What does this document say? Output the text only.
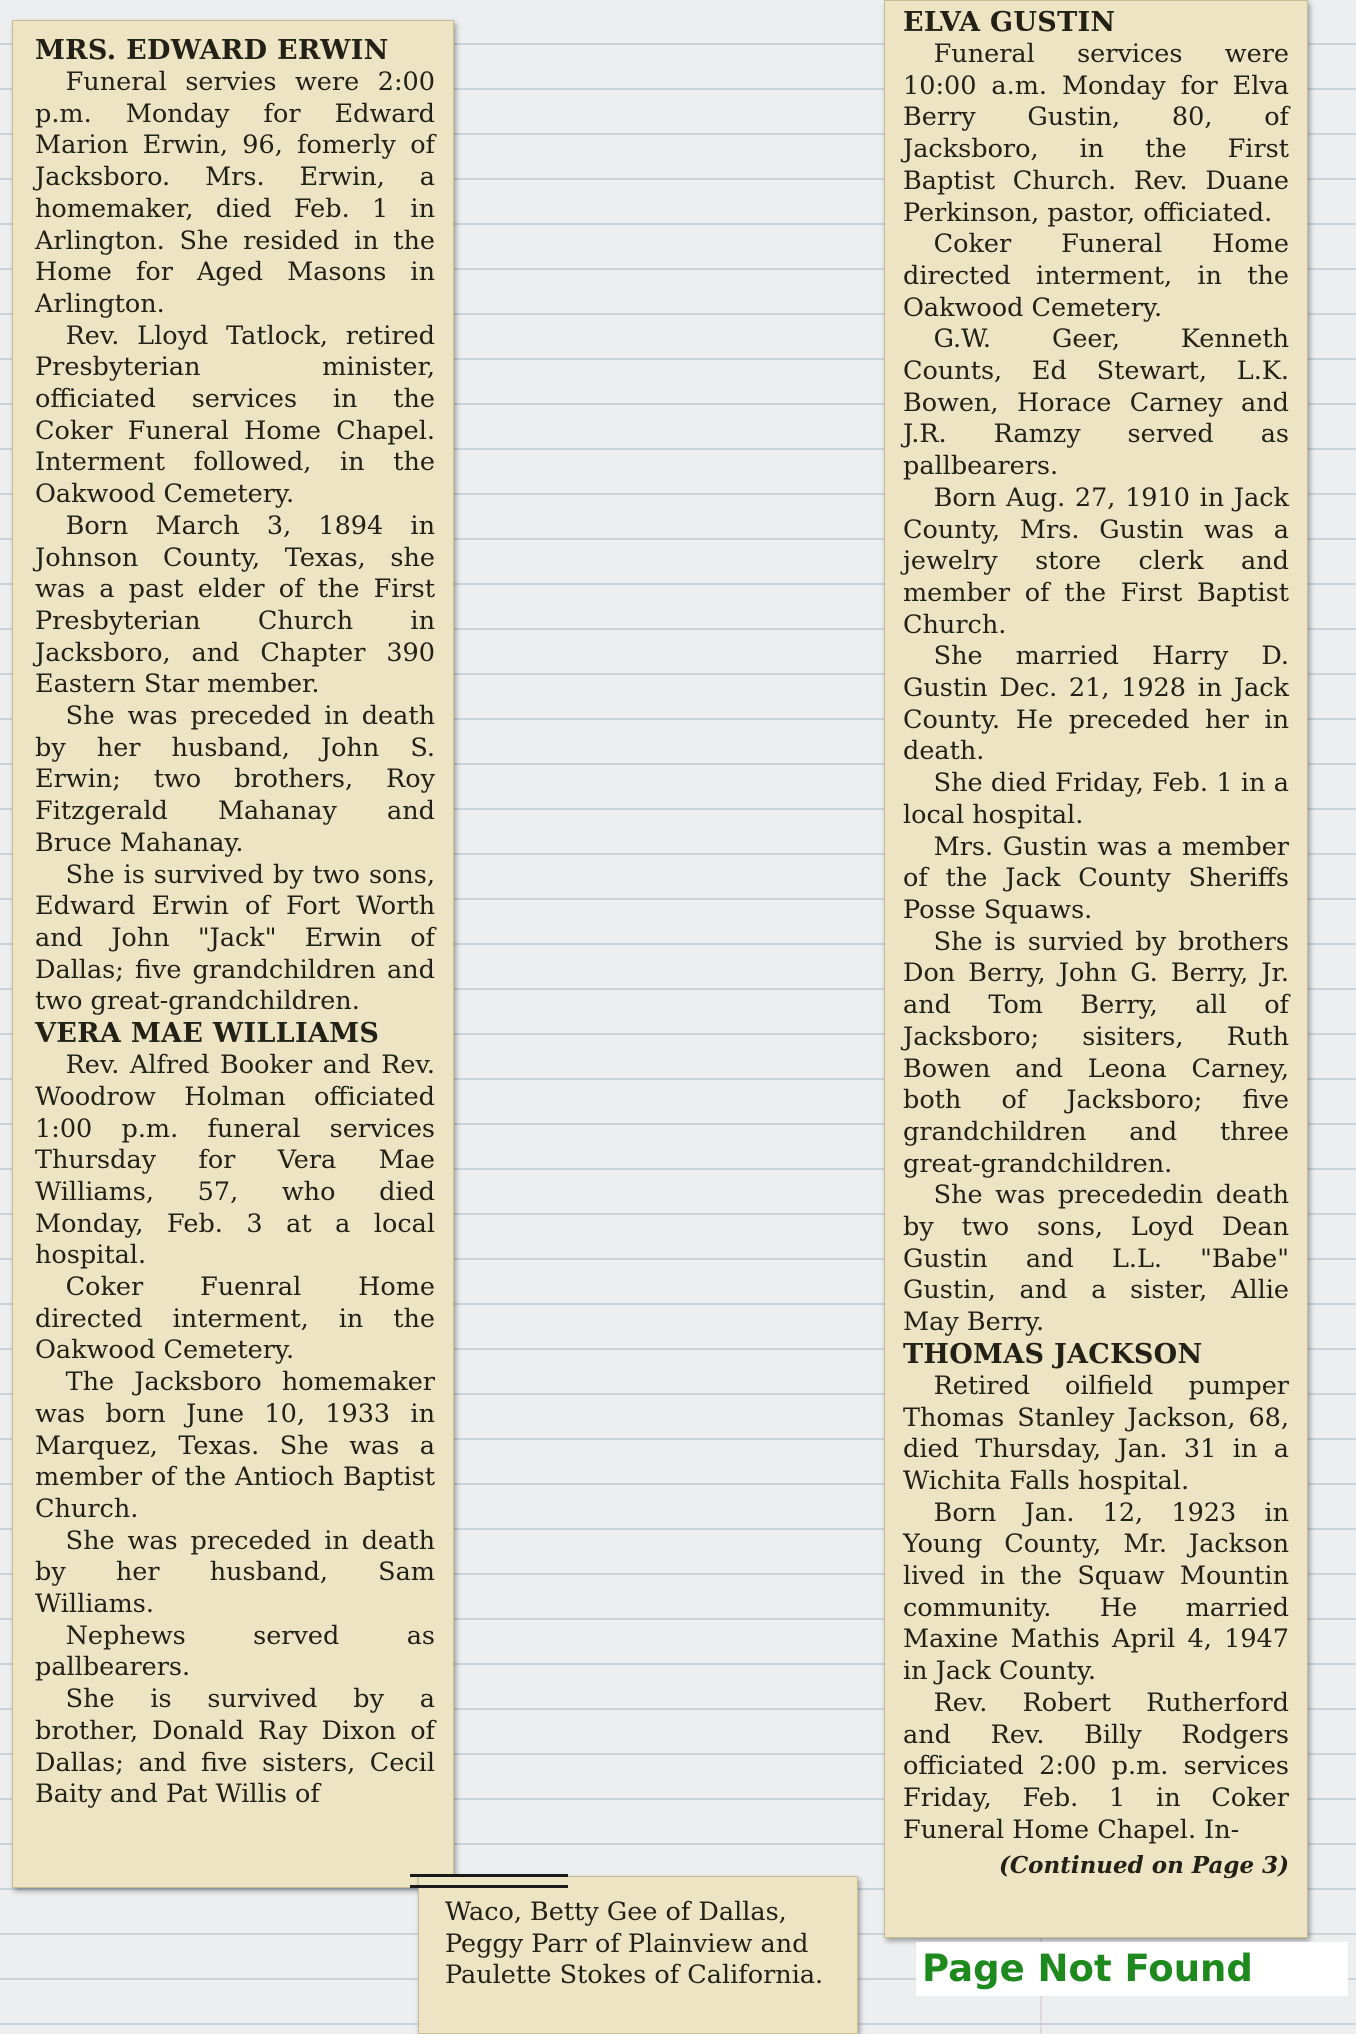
MRS. EDWARD ERWIN

Funeral servies were 2:00 p.m. Monday for Edward Marion Erwin, 96, fomerly of Jacksboro. Mrs. Erwin, a homemaker, died Feb. 1 in Arlington. She resided in the Home for Aged Masons in Arlington.

Rev. Lloyd Tatlock, retired Presbyterian minister, officiated services in the Coker Funeral Home Chapel. Interment followed, in the Oakwood Cemetery.

Born March 3, 1894 in Johnson County, Texas, she was a past elder of the First Presbyterian Church in Jacksboro, and Chapter 390 Eastern Star member.

She was preceded in death by her husband, John S. Erwin; two brothers, Roy Fitzgerald Mahanay and Bruce Mahanay.

She is survived by two sons, Edward Erwin of Fort Worth and John "Jack" Erwin of Dallas; five grandchildren and two great-grandchildren.

VERA MAE WILLIAMS

Rev. Alfred Booker and Rev. Woodrow Holman officiated 1:00 p.m. funeral services Thursday for Vera Mae Williams, 57, who died Monday, Feb. 3 at a local hospital.

Coker Fuenral Home directed interment, in the Oakwood Cemetery.

The Jacksboro homemaker was born June 10, 1933 in Marquez, Texas. She was a member of the Antioch Baptist Church.

She was preceded in death by her husband, Sam Williams.

Nephews served as pallbearers.

She is survived by a brother, Donald Ray Dixon of Dallas; and five sisters, Cecil Baity and Pat Willis of

Waco, Betty Gee of Dallas, Peggy Parr of Plainview and Paulette Stokes of California.

ELVA GUSTIN

Funeral services were 10:00 a.m. Monday for Elva Berry Gustin, 80, of Jacksboro, in the First Baptist Church. Rev. Duane Perkinson, pastor, officiated.

Coker Funeral Home directed interment, in the Oakwood Cemetery.

G.W. Geer, Kenneth Counts, Ed Stewart, L.K. Bowen, Horace Carney and J.R. Ramzy served as pallbearers.

Born Aug. 27, 1910 in Jack County, Mrs. Gustin was a jewelry store clerk and member of the First Baptist Church.

She married Harry D. Gustin Dec. 21, 1928 in Jack County. He preceded her in death.

She died Friday, Feb. 1 in a local hospital.

Mrs. Gustin was a member of the Jack County Sheriffs Posse Squaws.

She is survied by brothers Don Berry, John G. Berry, Jr. and Tom Berry, all of Jacksboro; sisiters, Ruth Bowen and Leona Carney, both of Jacksboro; five grandchildren and three great-grandchildren.

She was precededin death by two sons, Loyd Dean Gustin and L.L. "Babe" Gustin, and a sister, Allie May Berry.

THOMAS JACKSON

Retired oilfield pumper Thomas Stanley Jackson, 68, died Thursday, Jan. 31 in a Wichita Falls hospital.

Born Jan. 12, 1923 in Young County, Mr. Jackson lived in the Squaw Mountin community. He married Maxine Mathis April 4, 1947 in Jack County.

Rev. Robert Rutherford and Rev. Billy Rodgers officiated 2:00 p.m. services Friday, Feb. 1 in Coker Funeral Home Chapel. In-

(Continued on Page 3)

Page Not Found
